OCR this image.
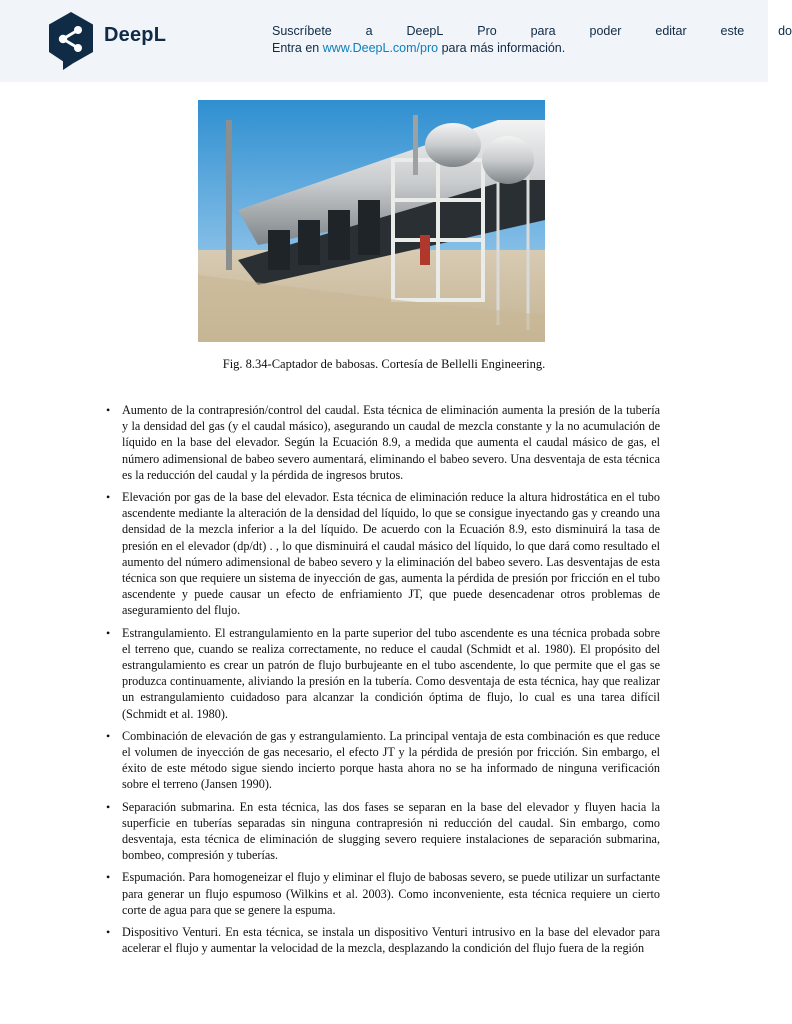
DeepL	Suscríbete	a	DeepL	Pro	para	poder	editar	este	do
Entra en www.DeepL.com/pro para más información.
Fig. 8.34-Captador de babosas. Cortesía de Bellelli Engineering.
• Aumento de la contrapresión/control del caudal. Esta técnica de eliminación aumenta la presión de la tubería y la densidad del gas (y el caudal másico), asegurando un caudal de mezcla constante y la no acumulación de líquido en la base del elevador. Según la Ecuación 8.9, a medida que aumenta el caudal másico de gas, el número adimensional de babeo severo aumentará, eliminando el babeo severo. Una desventaja de esta técnica es la reducción del caudal y la pérdida de ingresos brutos.
• Elevación por gas de la base del elevador. Esta técnica de eliminación reduce la altura hidrostática en el tubo ascendente mediante la alteración de la densidad del líquido, lo que se consigue inyectando gas y creando una densidad de la mezcla inferior a la del líquido. De acuerdo con la Ecuación 8.9, esto disminuirá la tasa de presión en el elevador (dp/dt) . , lo que disminuirá el caudal másico del líquido, lo que dará como resultado el aumento del número adimensional de babeo severo y la eliminación del babeo severo. Las desventajas de esta técnica son que requiere un sistema de inyección de gas, aumenta la pérdida de presión por fricción en el tubo ascendente y puede causar un efecto de enfriamiento JT, que puede desencadenar otros problemas de aseguramiento del flujo.
• Estrangulamiento. El estrangulamiento en la parte superior del tubo ascendente es una técnica probada sobre el terreno que, cuando se realiza correctamente, no reduce el caudal (Schmidt et al. 1980). El propósito del estrangulamiento es crear un patrón de flujo burbujeante en el tubo ascendente, lo que permite que el gas se produzca continuamente, aliviando la presión en la tubería. Como desventaja de esta técnica, hay que realizar un estrangulamiento cuidadoso para alcanzar la condición óptima de flujo, lo cual es una tarea difícil (Schmidt et al. 1980).
• Combinación de elevación de gas y estrangulamiento. La principal ventaja de esta combinación es que reduce el volumen de inyección de gas necesario, el efecto JT y la pérdida de presión por fricción. Sin embargo, el éxito de este método sigue siendo incierto porque hasta ahora no se ha informado de ninguna verificación sobre el terreno (Jansen 1990).
• Separación submarina. En esta técnica, las dos fases se separan en la base del elevador y fluyen hacia la superficie en tuberías separadas sin ninguna contrapresión ni reducción del caudal. Sin embargo, como desventaja, esta técnica de eliminación de slugging severo requiere instalaciones de separación submarina, bombeo, compresión y tuberías.
• Espumación. Para homogeneizar el flujo y eliminar el flujo de babosas severo, se puede utilizar un surfactante para generar un flujo espumoso (Wilkins et al. 2003). Como inconveniente, esta técnica requiere un cierto corte de agua para que se genere la espuma.
• Dispositivo Venturi. En esta técnica, se instala un dispositivo Venturi intrusivo en la base del elevador para acelerar el flujo y aumentar la velocidad de la mezcla, desplazando la condición del flujo fuera de la región
